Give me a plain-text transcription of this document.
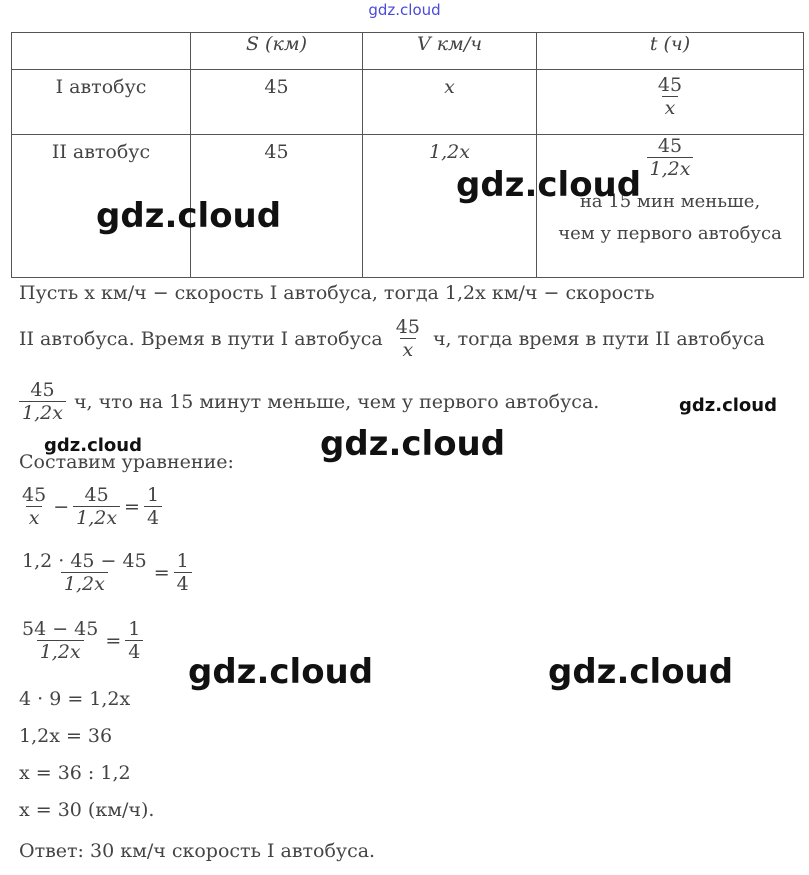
gdz.cloud
	S (км)	V км/ч	t (ч)

I автобус	45	x	$\frac{45}{x}$

II автобус	45	1,2x	$\frac{45}{1,2x}$
на 15 мин меньше,
чем у первого автобуса
Пусть x км/ч − скорость I автобуса, тогда 1,2x км/ч − скорость
II автобуса. Время в пути I автобуса $\frac{45}{x} ч$, тогда время в пути II автобуса
$\frac{45}{1,2x} ч$, что на 15 минут меньше, чем у первого автобуса.
Составим уравнение:
$\frac{45}{x} - \frac{45}{1,2x} = \frac{1}{4}$
$\frac{1,2 \cdot 45 - 45}{1,2x} = \frac{1}{4}$
$\frac{54 - 45}{1,2x} = \frac{1}{4}$
4 · 9 = 1,2x
1,2x = 36
x = 36 : 1,2
x = 30 (км/ч).
Ответ: 30 км/ч скорость I автобуса.
gdz.cloud
gdz.cloud
gdz.cloud
gdz.cloud	gdz.cloud
gdz.cloud	gdz.cloud
